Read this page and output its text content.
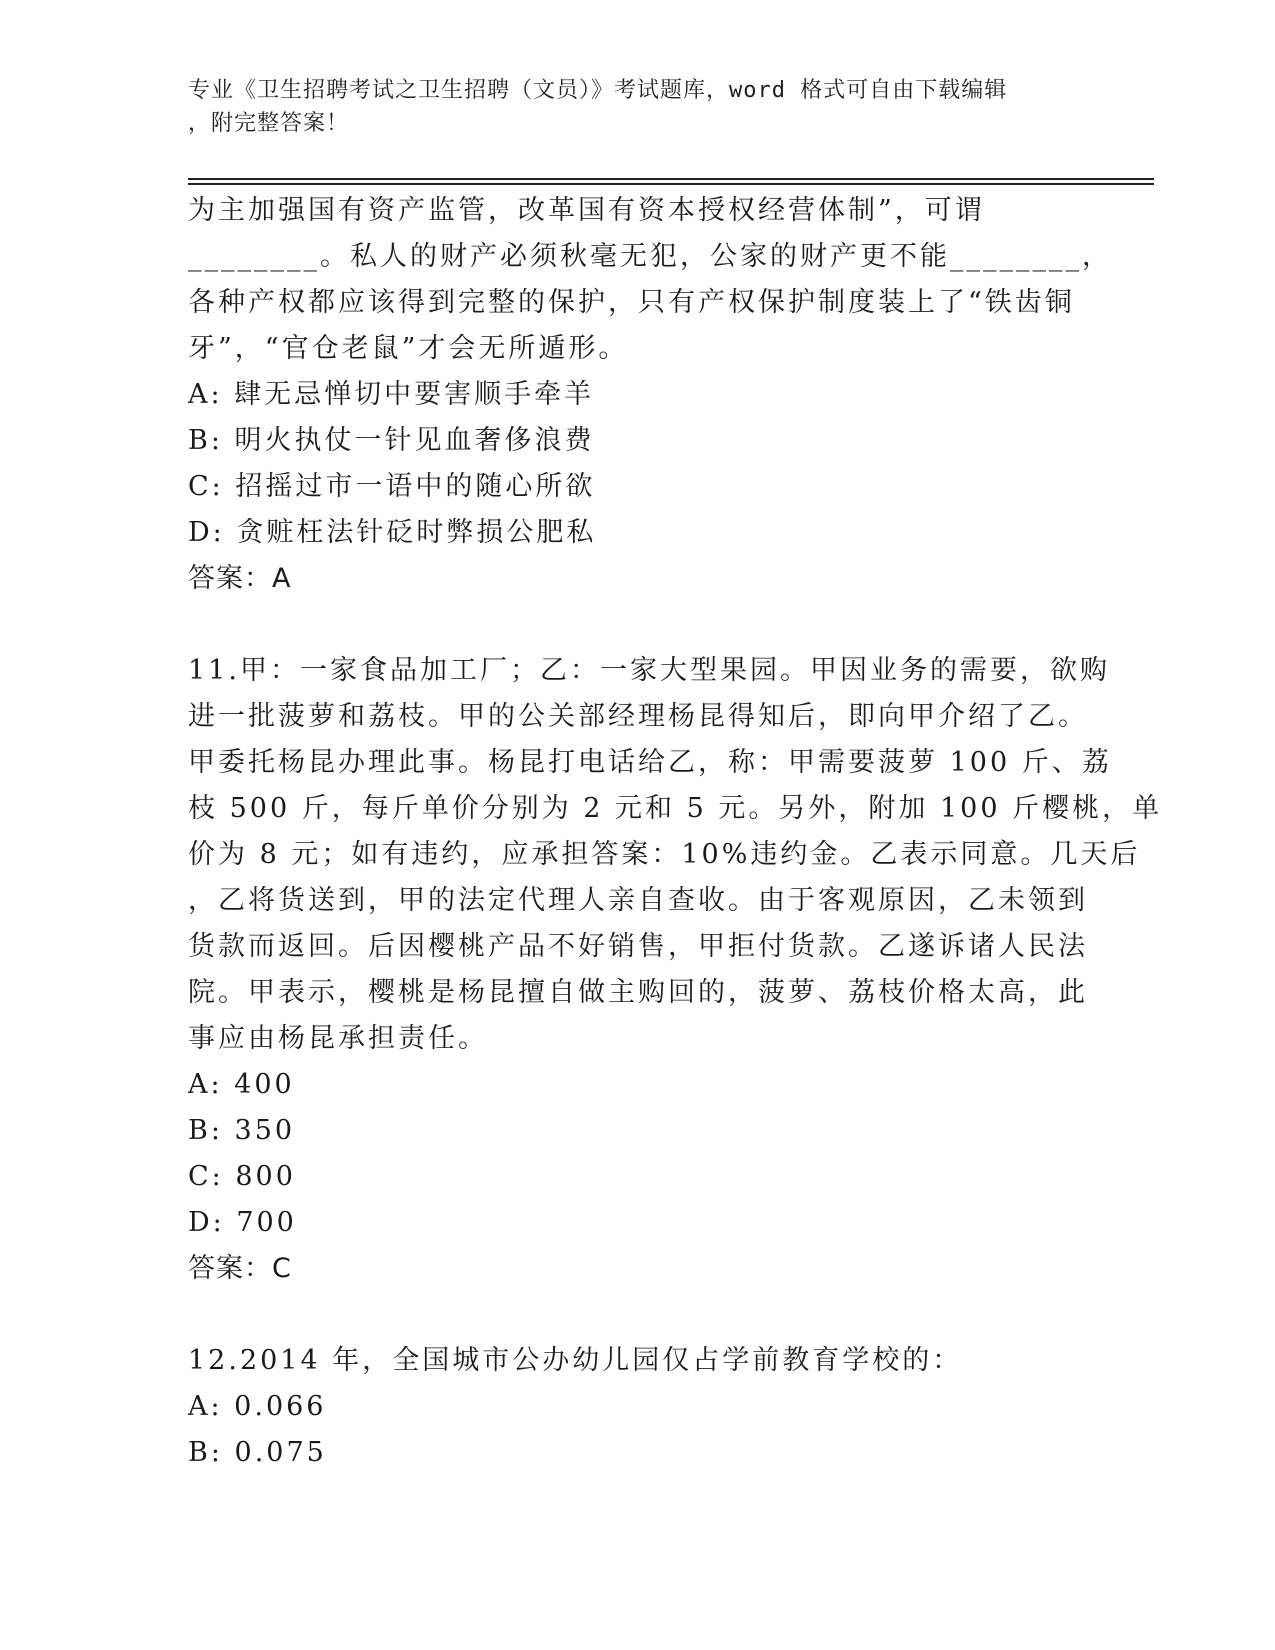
专业《卫生招聘考试之卫生招聘（文员）》考试题库，word 格式可自由下载编辑
，附完整答案！
为主加强国有资产监管，改革国有资本授权经营体制”，可谓
________。私人的财产必须秋毫无犯，公家的财产更不能________，
各种产权都应该得到完整的保护，只有产权保护制度装上了“铁齿铜
牙”，“官仓老鼠”才会无所遁形。
A: 肆无忌惮切中要害顺手牵羊
B: 明火执仗一针见血奢侈浪费
C: 招摇过市一语中的随心所欲
D: 贪赃枉法针砭时弊损公肥私
答案：A
11.甲：一家食品加工厂；乙：一家大型果园。甲因业务的需要，欲购
进一批菠萝和荔枝。甲的公关部经理杨昆得知后，即向甲介绍了乙。
甲委托杨昆办理此事。杨昆打电话给乙，称：甲需要菠萝 100 斤、荔
枝 500 斤，每斤单价分别为 2 元和 5 元。另外，附加 100 斤樱桃，单
价为 8 元；如有违约，应承担答案：10%违约金。乙表示同意。几天后
，乙将货送到，甲的法定代理人亲自查收。由于客观原因，乙未领到
货款而返回。后因樱桃产品不好销售，甲拒付货款。乙遂诉诸人民法
院。甲表示，樱桃是杨昆擅自做主购回的，菠萝、荔枝价格太高，此
事应由杨昆承担责任。
A: 400
B: 350
C: 800
D: 700
答案：C
12.2014 年，全国城市公办幼儿园仅占学前教育学校的：
A: 0.066
B: 0.075
